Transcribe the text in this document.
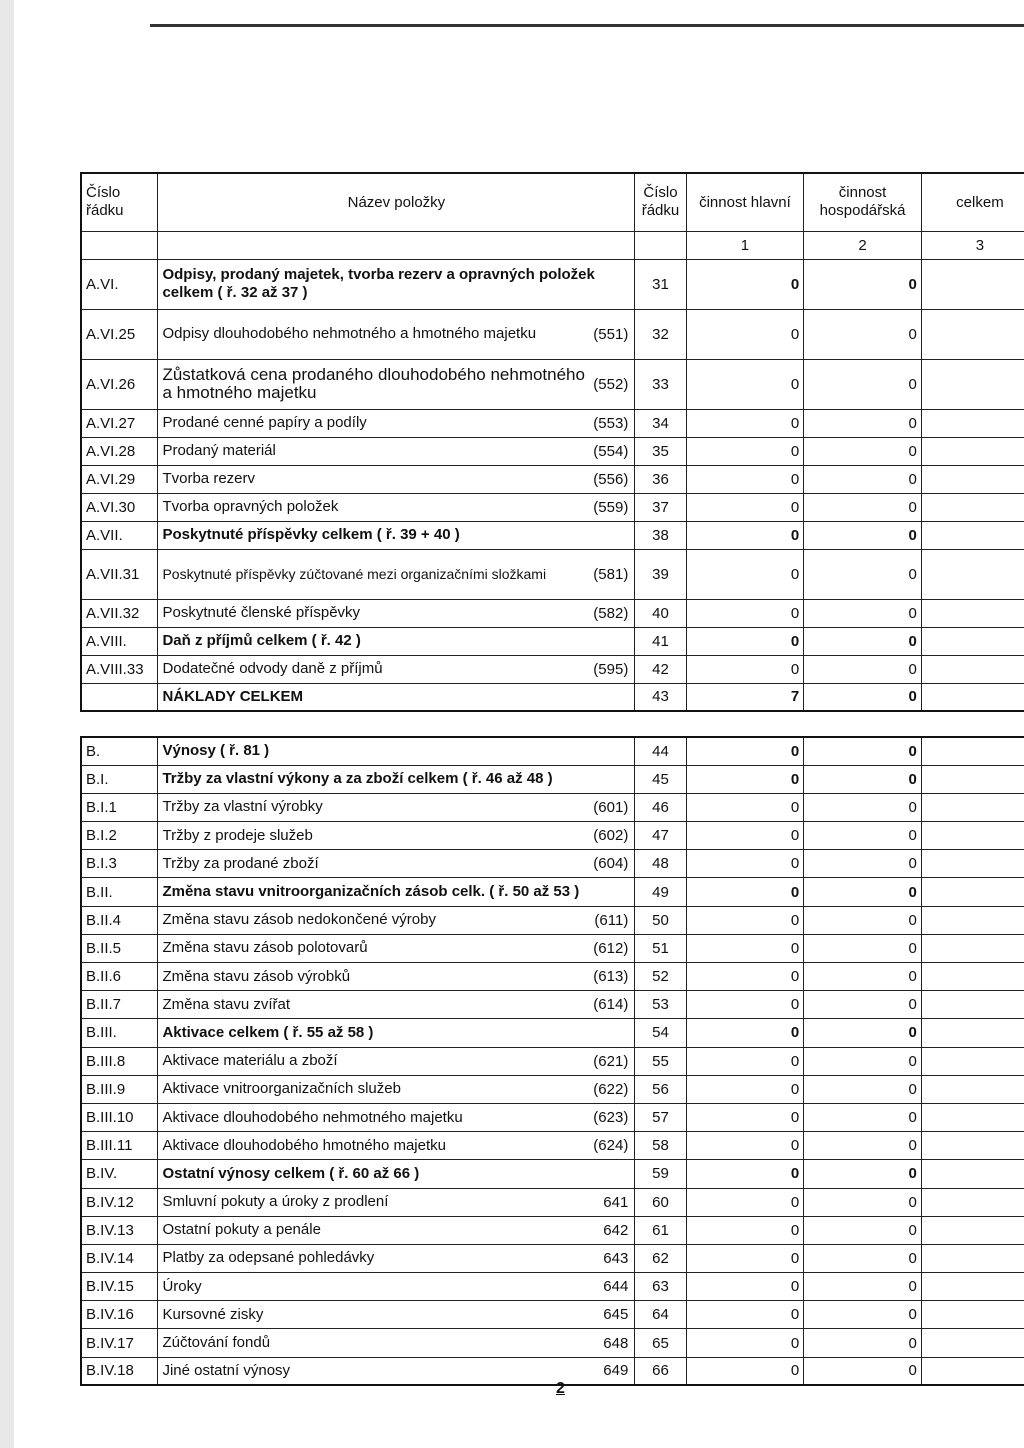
Číslo řádku	Název položky	Číslo řádku	činnost hlavní	činnost hospodářská	celkem
			1	2	3
A.VI.	Odpisy, prodaný majetek, tvorba rezerv a opravných položek celkem ( ř. 32 až 37 )	31	0	0	
A.VI.25	Odpisy dlouhodobého nehmotného a hmotného majetku (551)	32	0	0	
A.VI.26	Zůstatková cena prodaného dlouhodobého nehmotného a hmotného majetku (552)	33	0	0	
A.VI.27	Prodané cenné papíry a podíly (553)	34	0	0	
A.VI.28	Prodaný materiál (554)	35	0	0	
A.VI.29	Tvorba rezerv (556)	36	0	0	
A.VI.30	Tvorba opravných položek (559)	37	0	0	
A.VII.	Poskytnuté příspěvky celkem ( ř. 39 + 40 )	38	0	0	
A.VII.31	Poskytnuté příspěvky zúčtované mezi organizačními složkami (581)	39	0	0	
A.VII.32	Poskytnuté členské příspěvky (582)	40	0	0	
A.VIII.	Daň z příjmů celkem ( ř. 42 )	41	0	0	
A.VIII.33	Dodatečné odvody daně z příjmů (595)	42	0	0	

	NÁKLADY CELKEM	43	7	0	
B.	Výnosy ( ř. 81 )	44	0	0	
B.I.	Tržby za vlastní výkony a za zboží celkem ( ř. 46 až 48 )	45	0	0	
B.I.1	Tržby za vlastní výrobky (601)	46	0	0	
B.I.2	Tržby z prodeje služeb (602)	47	0	0	
B.I.3	Tržby za prodané zboží (604)	48	0	0	
B.II.	Změna stavu vnitroorganizačních zásob celk. ( ř. 50 až 53 )	49	0	0	
B.II.4	Změna stavu zásob nedokončené výroby (611)	50	0	0	
B.II.5	Změna stavu zásob polotovarů (612)	51	0	0	
B.II.6	Změna stavu zásob výrobků (613)	52	0	0	
B.II.7	Změna stavu zvířat (614)	53	0	0	
B.III.	Aktivace celkem ( ř. 55 až 58 )	54	0	0	
B.III.8	Aktivace materiálu a zboží (621)	55	0	0	
B.III.9	Aktivace vnitroorganizačních služeb (622)	56	0	0	
B.III.10	Aktivace dlouhodobého nehmotného majetku (623)	57	0	0	
B.III.11	Aktivace dlouhodobého hmotného majetku (624)	58	0	0	
B.IV.	Ostatní výnosy celkem ( ř. 60 až 66 )	59	0	0	
B.IV.12	Smluvní pokuty a úroky z prodlení 641	60	0	0	
B.IV.13	Ostatní pokuty a penále 642	61	0	0	
B.IV.14	Platby za odepsané pohledávky 643	62	0	0	
B.IV.15	Úroky 644	63	0	0	
B.IV.16	Kursovné zisky 645	64	0	0	
B.IV.17	Zúčtování fondů 648	65	0	0	
B.IV.18	Jiné ostatní výnosy 649	66	0	0	
2
